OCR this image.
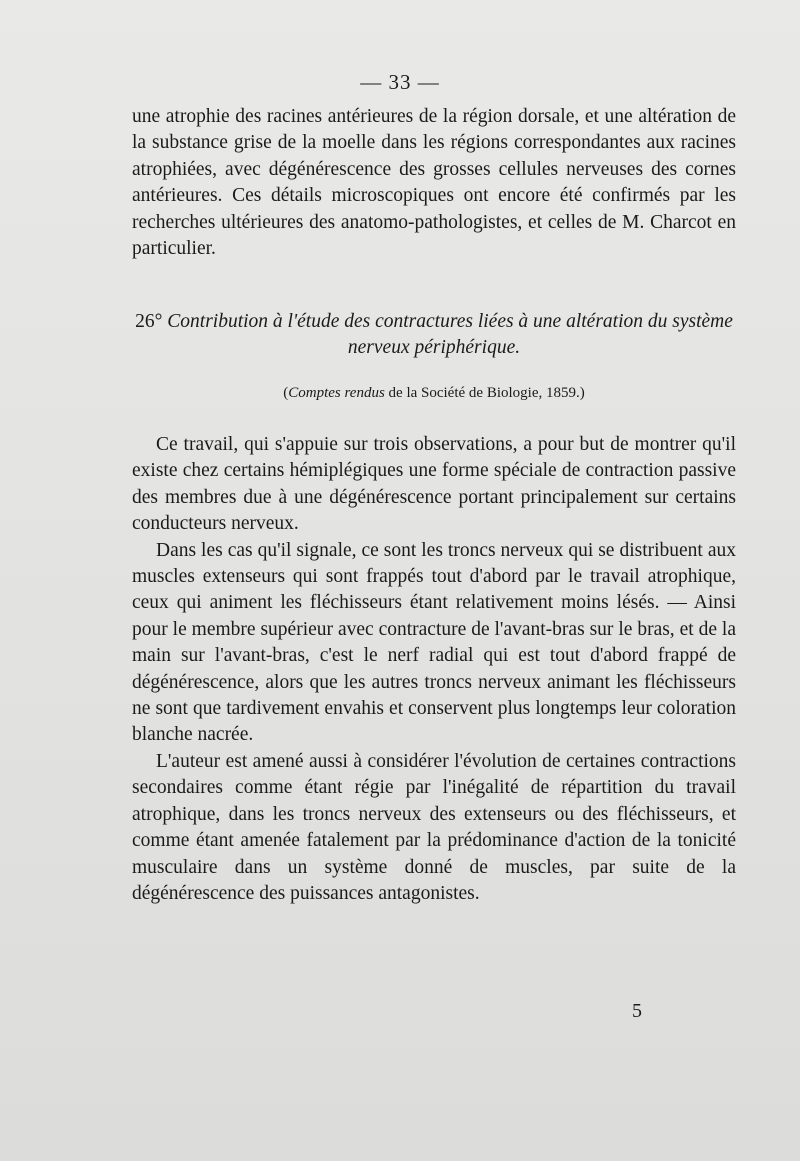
— 33 —
une atrophie des racines antérieures de la région dorsale, et une altération de la substance grise de la moelle dans les régions correspondantes aux racines atrophiées, avec dégénérescence des grosses cellules nerveuses des cornes antérieures. Ces détails microscopiques ont encore été confirmés par les recherches ultérieures des anatomo-pathologistes, et celles de M. Charcot en particulier.
26° Contribution à l'étude des contractures liées à une altération du système nerveux périphérique.
(Comptes rendus de la Société de Biologie, 1859.)

Ce travail, qui s'appuie sur trois observations, a pour but de montrer qu'il existe chez certains hémiplégiques une forme spéciale de contraction passive des membres due à une dégénérescence portant principalement sur certains conducteurs nerveux.

Dans les cas qu'il signale, ce sont les troncs nerveux qui se distribuent aux muscles extenseurs qui sont frappés tout d'abord par le travail atrophique, ceux qui animent les fléchisseurs étant relativement moins lésés. — Ainsi pour le membre supérieur avec contracture de l'avant-bras sur le bras, et de la main sur l'avant-bras, c'est le nerf radial qui est tout d'abord frappé de dégénérescence, alors que les autres troncs nerveux animant les fléchisseurs ne sont que tardivement envahis et conservent plus longtemps leur coloration blanche nacrée.

L'auteur est amené aussi à considérer l'évolution de certaines contractions secondaires comme étant régie par l'inégalité de répartition du travail atrophique, dans les troncs nerveux des extenseurs ou des fléchisseurs, et comme étant amenée fatalement par la prédominance d'action de la tonicité musculaire dans un système donné de muscles, par suite de la dégénérescence des puissances antagonistes.

5
